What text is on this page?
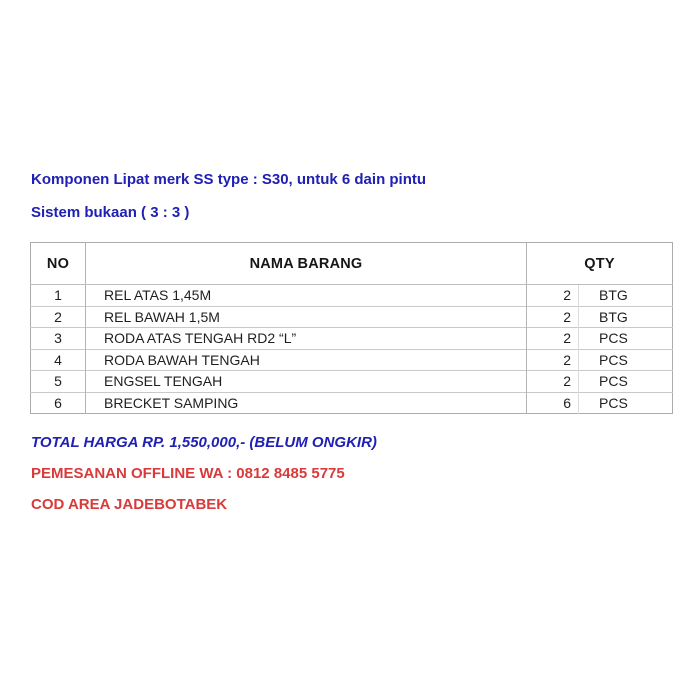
Komponen Lipat merk SS type : S30, untuk 6 dain pintu

Sistem bukaan ( 3 : 3 )

NO	NAMA BARANG	QTY	
1	REL ATAS 1,45M	2	BTG
2	REL BAWAH 1,5M	2	BTG
3	RODA ATAS TENGAH RD2 “L”	2	PCS
4	RODA BAWAH TENGAH	2	PCS
5	ENGSEL TENGAH	2	PCS
6	BRECKET SAMPING	6	PCS

TOTAL HARGA RP. 1,550,000,- (BELUM ONGKIR)

PEMESANAN OFFLINE WA : 0812 8485 5775

COD AREA JADEBOTABEK
